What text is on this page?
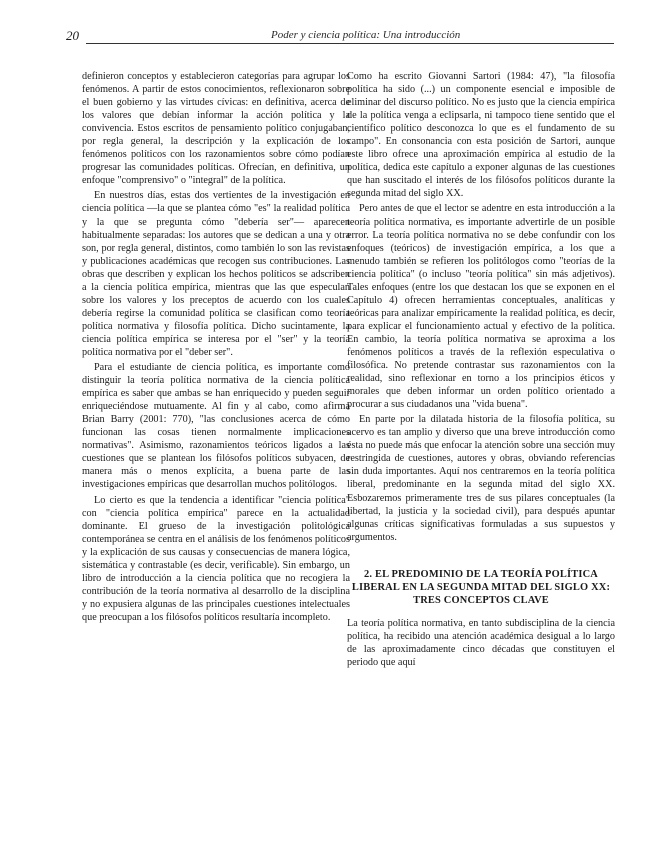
20	Poder y ciencia política: Una introducción

definieron conceptos y establecieron categorías para agrupar los fenómenos. A partir de estos conocimientos, reflexionaron sobre el buen gobierno y las virtudes cívicas: en definitiva, acerca de los valores que debían informar la acción política y la convivencia. Estos escritos de pensamiento político conjugaban, por regla general, la descripción y la explicación de los fenómenos políticos con los razonamientos sobre cómo podían progresar las comunidades políticas. Ofrecían, en definitiva, un enfoque "comprensivo" o "integral" de la política.

En nuestros días, estas dos vertientes de la investigación en ciencia política —la que se plantea cómo "es" la realidad política y la que se pregunta cómo "debería ser"— aparecen habitualmente separadas: los autores que se dedican a una y otra son, por regla general, distintos, como también lo son las revistas y publicaciones académicas que recogen sus contribuciones. Las obras que describen y explican los hechos políticos se adscriben a la ciencia política empírica, mientras que las que especulan sobre los valores y los preceptos de acuerdo con los cuales debería regirse la comunidad política se clasifican como teoría política normativa y filosofía política. Dicho sucintamente, la ciencia política empírica se interesa por el "ser" y la teoría política normativa por el "deber ser".

Para el estudiante de ciencia política, es importante como distinguir la teoría política normativa de la ciencia política empírica es saber que ambas se han enriquecido y pueden seguir enriqueciéndose mutuamente. Al fin y al cabo, como afirma Brian Barry (2001: 770), "las conclusiones acerca de cómo funcionan las cosas tienen normalmente implicaciones normativas". Asimismo, razonamientos teóricos ligados a las cuestiones que se plantean los filósofos políticos subyacen, de manera más o menos explícita, a buena parte de las investigaciones empíricas que desarrollan muchos politólogos.

Lo cierto es que la tendencia a identificar "ciencia política" con "ciencia política empírica" parece en la actualidad dominante. El grueso de la investigación politológica contemporánea se centra en el análisis de los fenómenos políticos y la explicación de sus causas y consecuencias de manera lógica, sistemática y contrastable (es decir, verificable). Sin embargo, un libro de introducción a la ciencia política que no recogiera la contribución de la teoría normativa al desarrollo de la disciplina y no expusiera algunas de las principales cuestiones intelectuales que preocupan a los filósofos políticos resultaría incompleto.

Como ha escrito Giovanni Sartori (1984: 47), "la filosofía política ha sido (...) un componente esencial e imposible de eliminar del discurso político. No es justo que la ciencia empírica de la política venga a eclipsarla, ni tampoco tiene sentido que el científico político desconozca lo que es el fundamento de su campo". En consonancia con esta posición de Sartori, aunque este libro ofrece una aproximación empírica al estudio de la política, dedica este capítulo a exponer algunas de las cuestiones que han suscitado el interés de los filósofos políticos durante la segunda mitad del siglo XX.

Pero antes de que el lector se adentre en esta introducción a la teoría política normativa, es importante advertirle de un posible error. La teoría política normativa no se debe confundir con los enfoques (teóricos) de investigación empírica, a los que a menudo también se refieren los politólogos como "teorías de la ciencia política" (o incluso "teoría política" sin más adjetivos). Tales enfoques (entre los que destacan los que se exponen en el Capítulo 4) ofrecen herramientas conceptuales, analíticas y teóricas para analizar empíricamente la realidad política, es decir, para explicar el funcionamiento actual y efectivo de la política. En cambio, la teoría política normativa se aproxima a los fenómenos políticos a través de la reflexión especulativa o filosófica. No pretende contrastar sus razonamientos con la realidad, sino reflexionar en torno a los principios éticos y morales que deben informar un orden político orientado a procurar a sus ciudadanos una "vida buena".

En parte por la dilatada historia de la filosofía política, su acervo es tan amplio y diverso que una breve introducción como ésta no puede más que enfocar la atención sobre una sección muy restringida de cuestiones, autores y obras, obviando referencias sin duda importantes. Aquí nos centraremos en la teoría política liberal, predominante en la segunda mitad del siglo XX. Esbozaremos primeramente tres de sus pilares conceptuales (la libertad, la justicia y la sociedad civil), para después apuntar algunas críticas significativas formuladas a sus supuestos y argumentos.

2. EL PREDOMINIO DE LA TEORÍA POLÍTICA LIBERAL EN LA SEGUNDA MITAD DEL SIGLO XX: TRES CONCEPTOS CLAVE

La teoría política normativa, en tanto subdisciplina de la ciencia política, ha recibido una atención académica desigual a lo largo de las aproximadamente cinco décadas que constituyen el periodo que aquí
